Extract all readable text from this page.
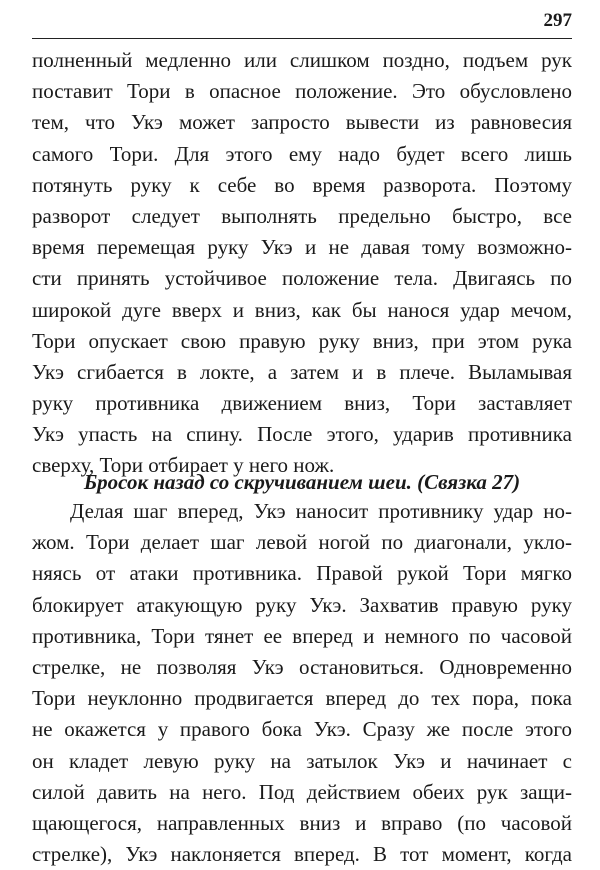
297
полненный медленно или слишком поздно, подъем рук
поставит Тори в опасное положение. Это обусловлено
тем, что Укэ может запросто вывести из равновесия
самого Тори. Для этого ему надо будет всего лишь
потянуть руку к себе во время разворота. Поэтому
разворот следует выполнять предельно быстро, все
время перемещая руку Укэ и не давая тому возможно-
сти принять устойчивое положение тела. Двигаясь по
широкой дуге вверх и вниз, как бы нанося удар мечом,
Тори опускает свою правую руку вниз, при этом рука
Укэ сгибается в локте, а затем и в плече. Выламывая
руку противника движением вниз, Тори заставляет
Укэ упасть на спину. После этого, ударив противника
сверху, Тори отбирает у него нож.
Бросок назад со скручиванием шеи. (Связка 27)
Делая шаг вперед, Укэ наносит противнику удар но-
жом. Тори делает шаг левой ногой по диагонали, укло-
няясь от атаки противника. Правой рукой Тори мягко
блокирует атакующую руку Укэ. Захватив правую руку
противника, Тори тянет ее вперед и немного по часовой
стрелке, не позволяя Укэ остановиться. Одновременно
Тори неуклонно продвигается вперед до тех пора, пока
не окажется у правого бока Укэ. Сразу же после этого
он кладет левую руку на затылок Укэ и начинает с
силой давить на него. Под действием обеих рук защи-
щающегося, направленных вниз и вправо (по часовой
стрелке), Укэ наклоняется вперед. В тот момент, когда
